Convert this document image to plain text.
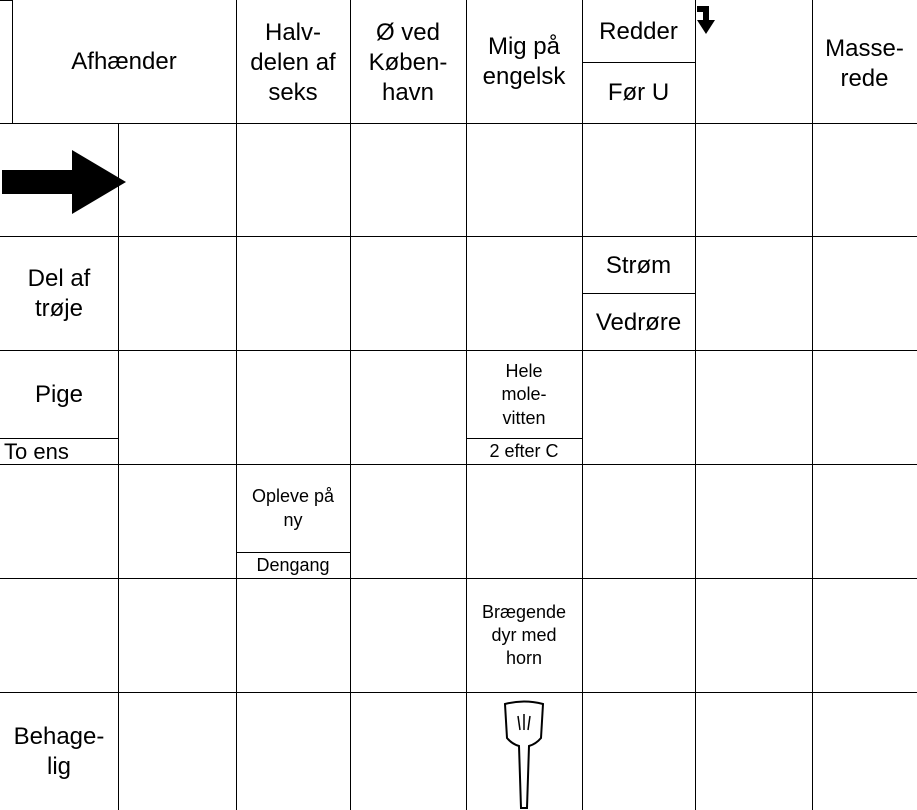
Afhænder
Halv-
delen af
seks
Ø ved
Køben-
havn
Mig på
engelsk
Redder
Før U
Masse-
rede
Del af
trøje
Strøm
Vedrøre
Pige
To ens
Hele
mole-
vitten
2 efter C
Opleve på
ny
Dengang
Brægende
dyr med
horn
Behage-
lig
